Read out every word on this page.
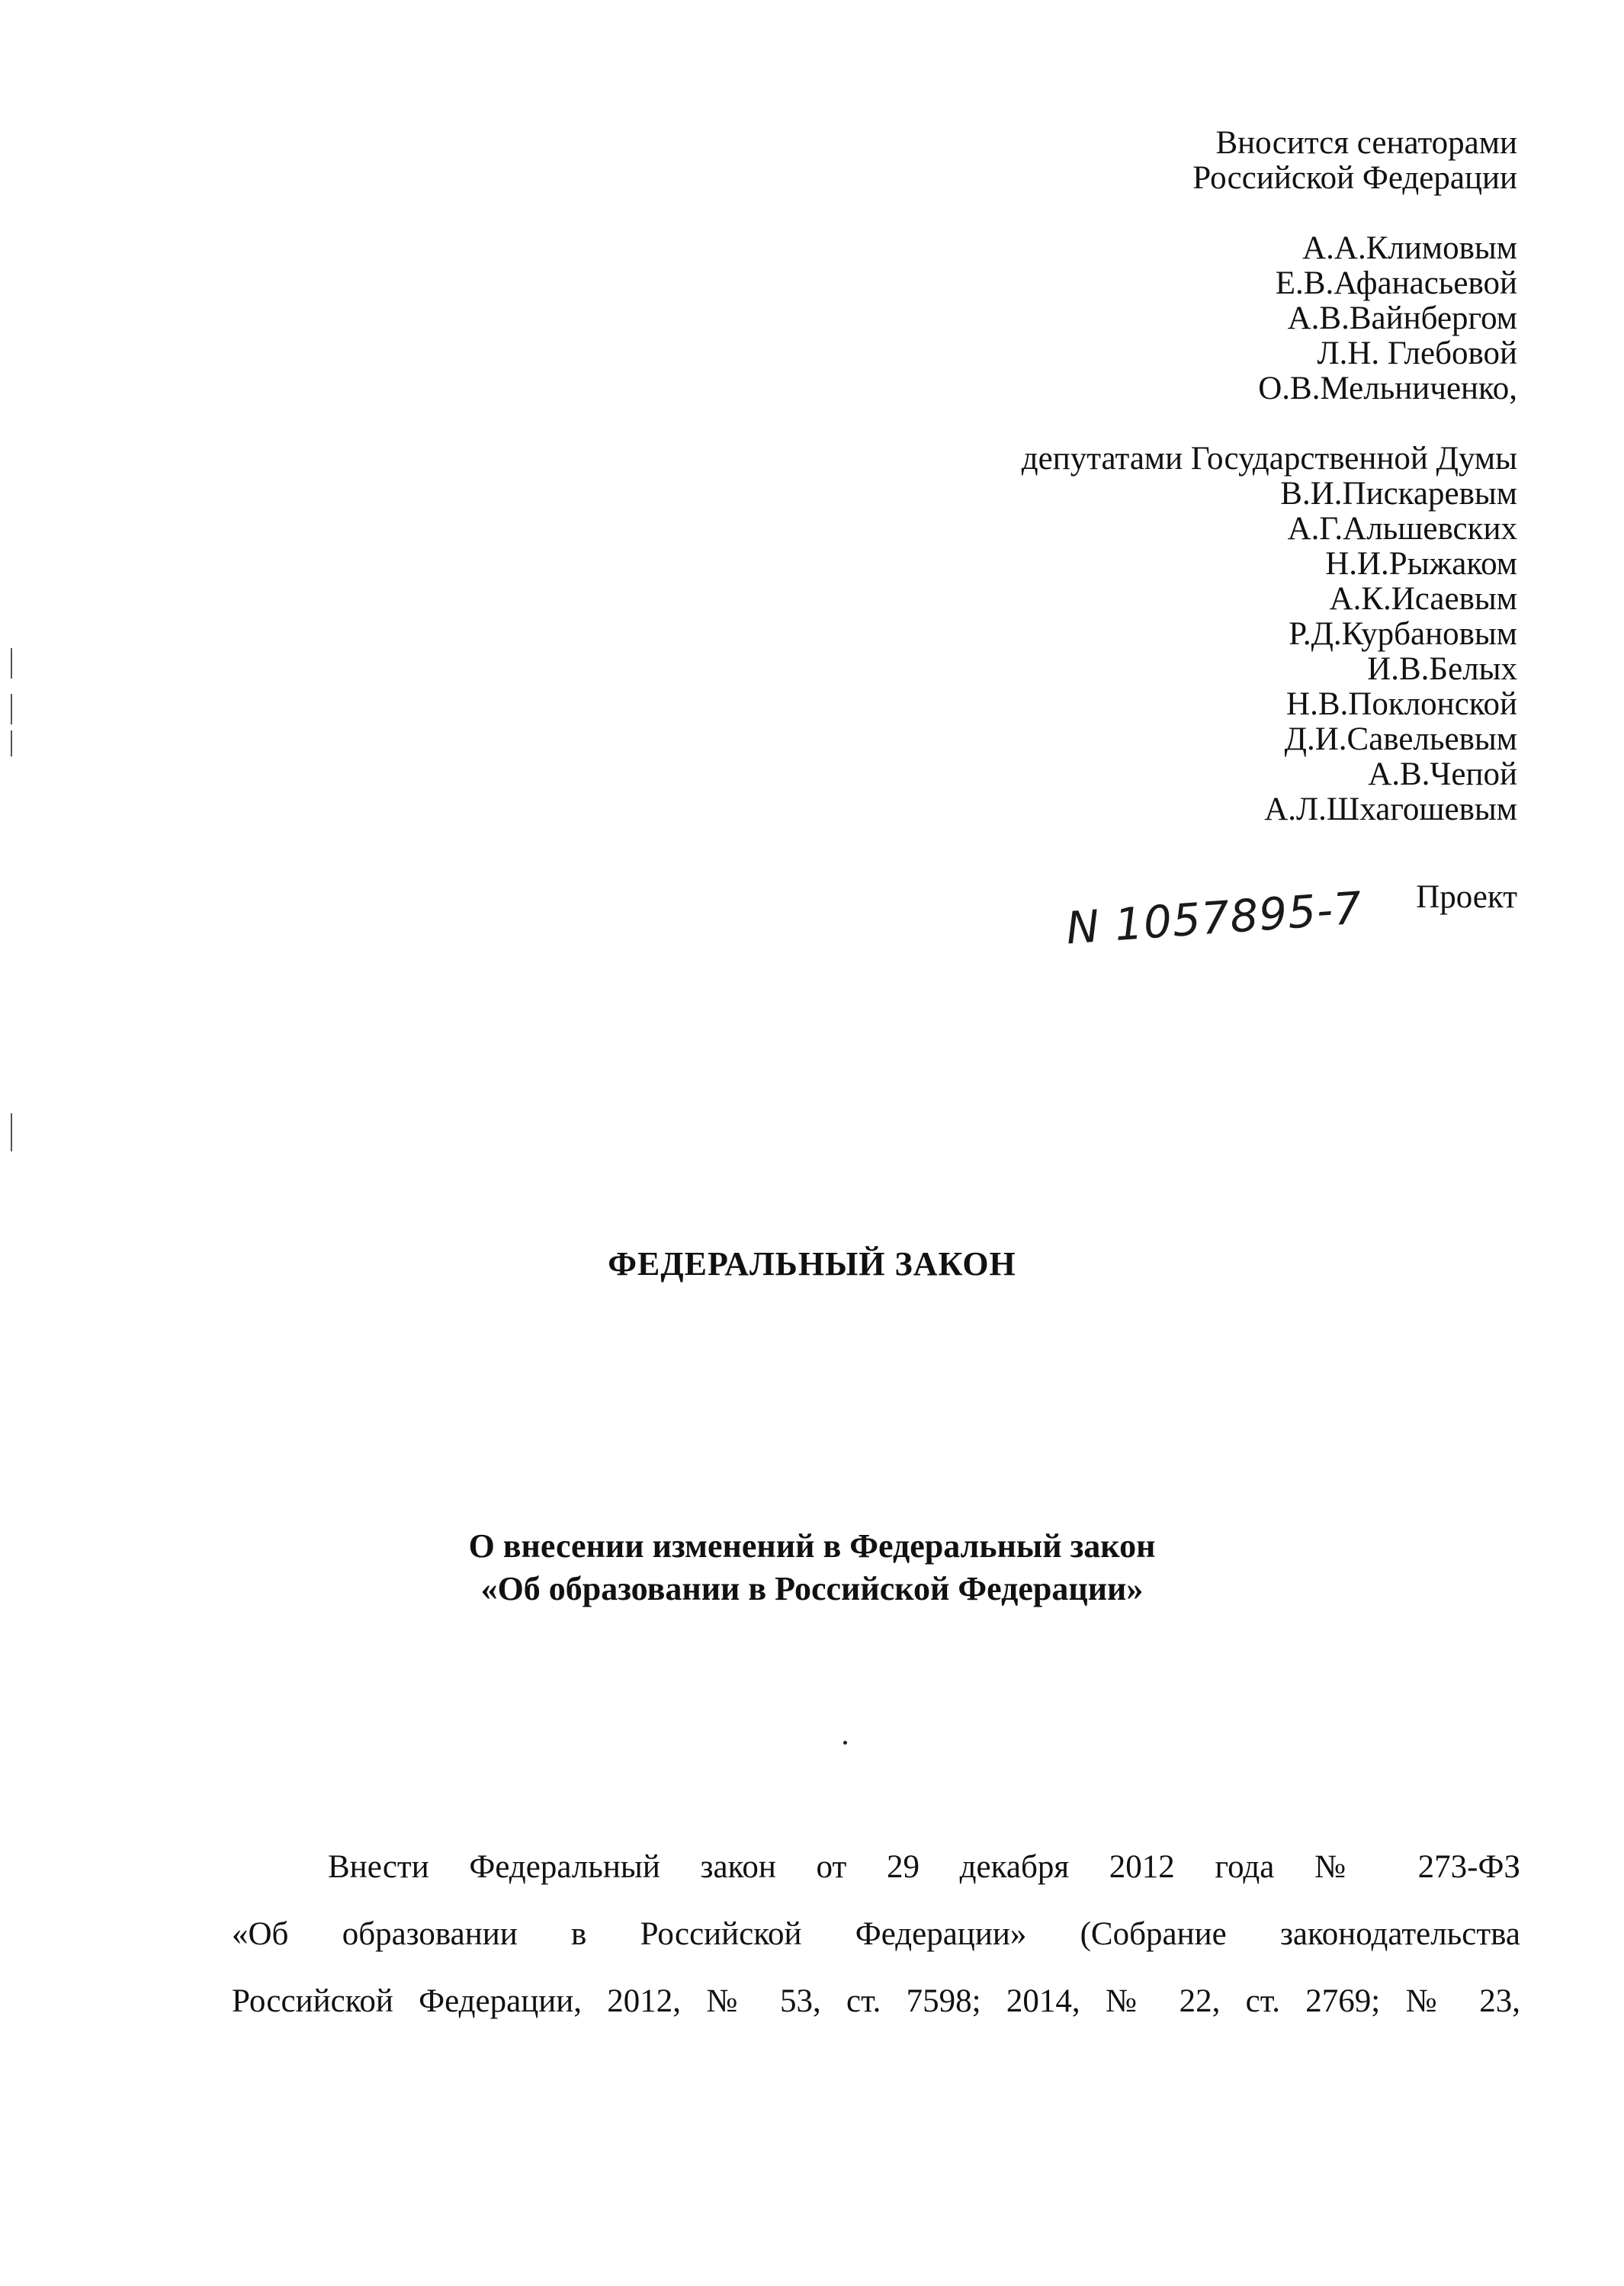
Вносится сенаторами
Российской Федерации
А.А.Климовым
Е.В.Афанасьевой
А.В.Вайнбергом
Л.Н. Глебовой
О.В.Мельниченко,
депутатами Государственной Думы
В.И.Пискаревым
А.Г.Альшевских
Н.И.Рыжаком
А.К.Исаевым
Р.Д.Курбановым
И.В.Белых
Н.В.Поклонской
Д.И.Савельевым
А.В.Чепой
А.Л.Шхагошевым
N 1057895-7 Проект
ФЕДЕРАЛЬНЫЙ ЗАКОН
О внесении изменений в Федеральный закон
«Об образовании в Российской Федерации»
Внести Федеральный закон от 29 декабря 2012 года № 273-ФЗ
«Об образовании в Российской Федерации» (Собрание законодательства
Российской Федерации, 2012, № 53, ст. 7598; 2014, № 22, ст. 2769; № 23,
